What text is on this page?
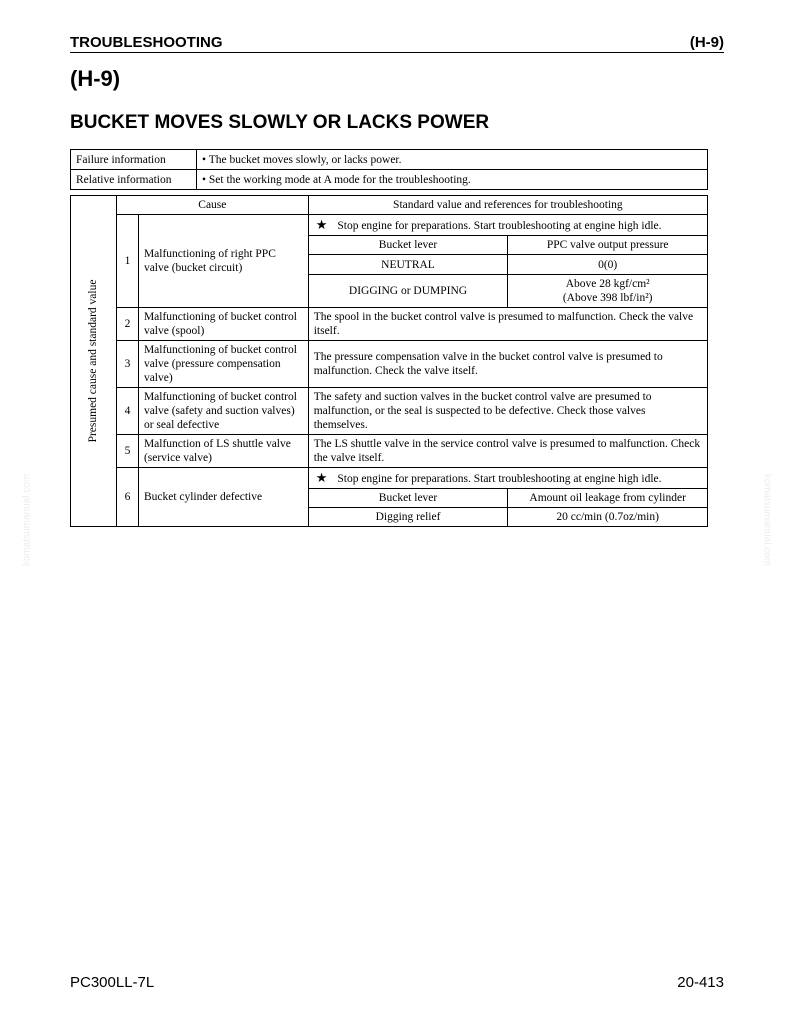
TROUBLESHOOTING	(H-9)
(H-9)
BUCKET MOVES SLOWLY OR LACKS POWER
Failure information	• The bucket moves slowly, or lacks power.
Relative information	• Set the working mode at A mode for the troubleshooting.
Presumed cause and standard value	Cause		Standard value and references for troubleshooting	
	1	Malfunctioning of right PPC valve (bucket circuit)	★ Stop engine for preparations. Start troubleshooting at engine high idle.	
			Bucket lever	PPC valve output pressure
			NEUTRAL	0(0)
			DIGGING or DUMPING	Above 28 kgf/cm²
(Above 398 lbf/in²)

	2	Malfunctioning of bucket control valve (spool)	The spool in the bucket control valve is presumed to malfunction. Check the valve itself.	
	3	Malfunctioning of bucket control valve (pressure compensation valve)	The pressure compensation valve in the bucket control valve is presumed to malfunction. Check the valve itself.	
	4	Malfunctioning of bucket control valve (safety and suction valves) or seal defective	The safety and suction valves in the bucket control valve are presumed to malfunction, or the seal is suspected to be defective. Check those valves themselves.	
	5	Malfunction of LS shuttle valve (service valve)	The LS shuttle valve in the service control valve is presumed to malfunction. Check the valve itself.	
	6	Bucket cylinder defective	★ Stop engine for preparations. Start troubleshooting at engine high idle.	
			Bucket lever	Amount oil leakage from cylinder
			Digging relief	20 cc/min (0.7oz/min)
komatsumanual.com	komatsumanual.com
PC300LL-7L	20-413
